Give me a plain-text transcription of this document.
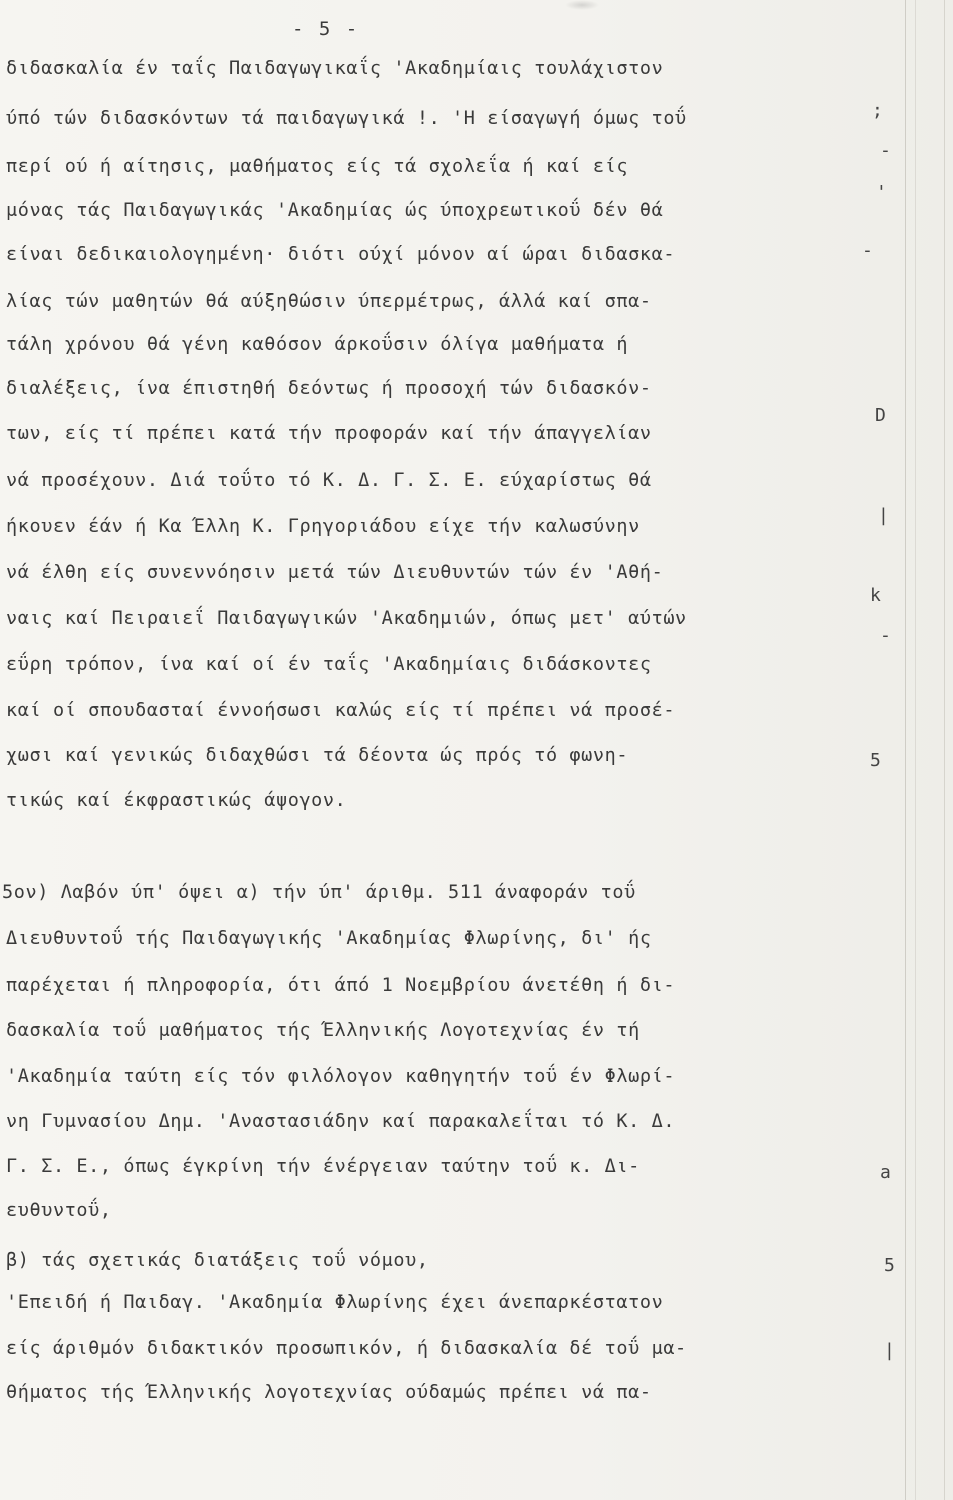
- 5 -
διδασκαλία έν ταΐς Παιδαγωγικαΐς 'Ακαδημίαις τουλάχιστον
ύπό τών διδασκόντων τά παιδαγωγικά !. 'Η είσαγωγή όμως τοΰ
περί ού ή αίτησις, μαθήματος είς τά σχολεΐα ή καί είς
μόνας τάς Παιδαγωγικάς 'Ακαδημίας ώς ύποχρεωτικοΰ δέν θά
είναι δεδικαιολογημένη· διότι ούχί μόνον αί ώραι διδασκα-
λίας τών μαθητών θά αύξηθώσιν ύπερμέτρως, άλλά καί σπα-
τάλη χρόνου θά γένη καθόσον άρκοΰσιν όλίγα μαθήματα ή
διαλέξεις, ίνα έπιστηθή δεόντως ή προσοχή τών διδασκόν-
των, είς τί πρέπει κατά τήν προφοράν καί τήν άπαγγελίαν
νά προσέχουν. Διά τοΰτο τό Κ. Δ. Γ. Σ. Ε. εύχαρίστως θά
ήκουεν έάν ή Κα Έλλη Κ. Γρηγοριάδου είχε τήν καλωσύνην
νά έλθη είς συνεννόησιν μετά τών Διευθυντών τών έν 'Αθή-
ναις καί Πειραιεΐ Παιδαγωγικών 'Ακαδημιών, όπως μετ' αύτών
εΰρη τρόπον, ίνα καί οί έν ταΐς 'Ακαδημίαις διδάσκοντες
καί οί σπουδασταί έννοήσωσι καλώς είς τί πρέπει νά προσέ-
χωσι καί γενικώς διδαχθώσι τά δέοντα ώς πρός τό φωνη-
τικώς καί έκφραστικώς άψογον.
5ον) Λαβόν ύπ' όψει α) τήν ύπ' άριθμ. 511 άναφοράν τοΰ
Διευθυντοΰ τής Παιδαγωγικής 'Ακαδημίας Φλωρίνης, δι' ής
παρέχεται ή πληροφορία, ότι άπό 1 Νοεμβρίου άνετέθη ή δι-
δασκαλία τοΰ μαθήματος τής Έλληνικής Λογοτεχνίας έν τή
'Ακαδημία ταύτη είς τόν φιλόλογον καθηγητήν τοΰ έν Φλωρί-
νη Γυμνασίου Δημ. 'Αναστασιάδην καί παρακαλεΐται τό Κ. Δ.
Γ. Σ. Ε., όπως έγκρίνη τήν ένέργειαν ταύτην τοΰ κ. Δι-
ευθυντοΰ,
β) τάς σχετικάς διατάξεις τοΰ νόμου,
'Επειδή ή Παιδαγ. 'Ακαδημία Φλωρίνης έχει άνεπαρκέστατον
είς άριθμόν διδακτικόν προσωπικόν, ή διδασκαλία δέ τοΰ μα-
θήματος τής Έλληνικής λογοτεχνίας ούδαμώς πρέπει νά πα-
;
-
'
-
D
|
k
-
5
a
5
|
